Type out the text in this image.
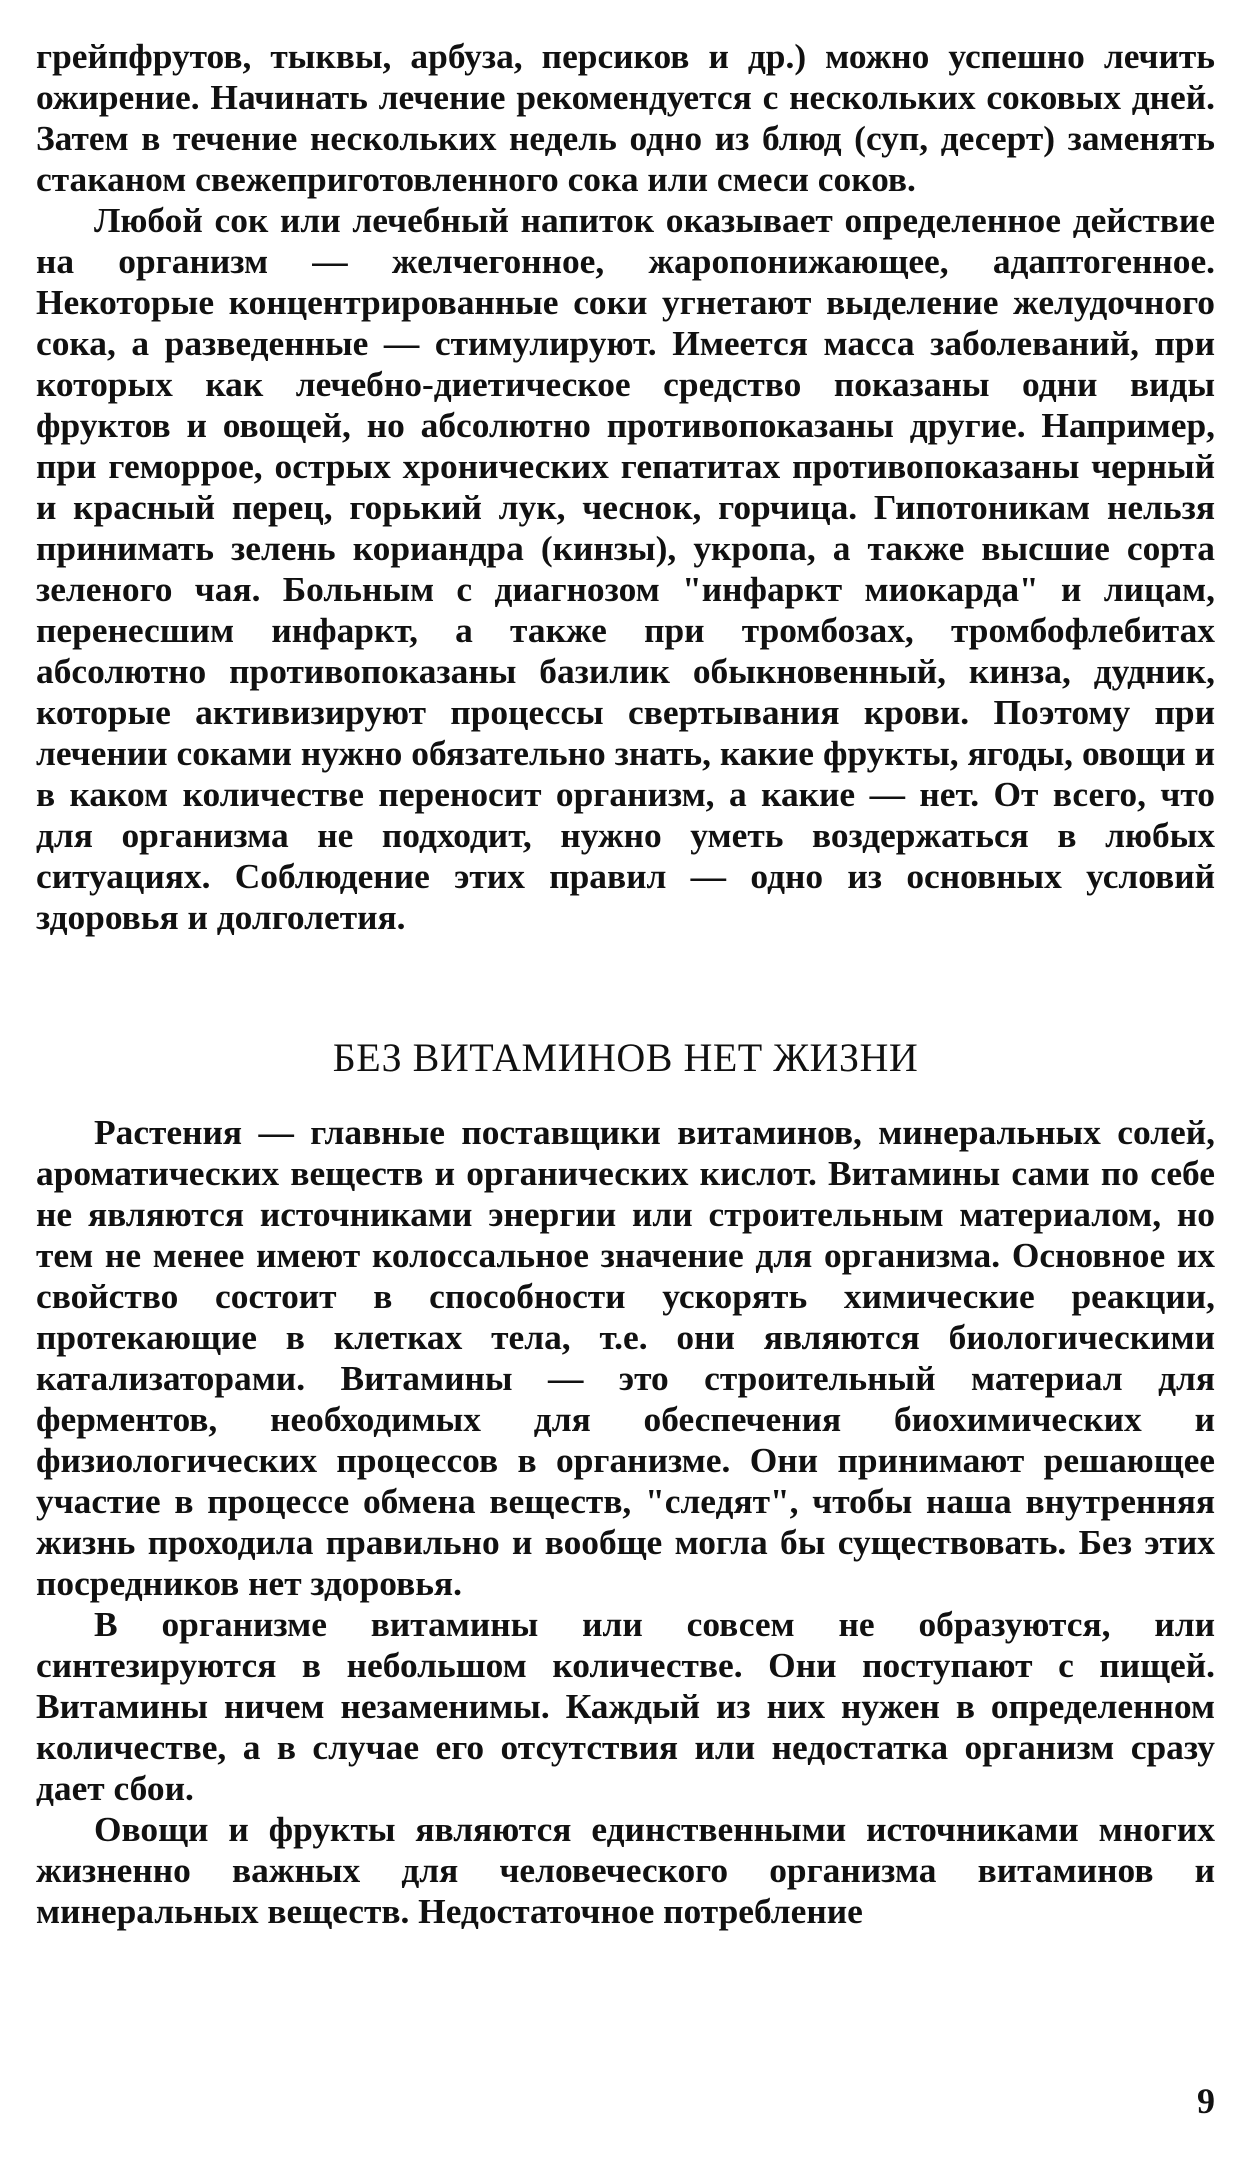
грейпфрутов, тыквы, арбуза, персиков и др.) можно успешно лечить ожирение. Начинать лечение рекомендуется с нескольких соковых дней. Затем в течение нескольких недель одно из блюд (суп, десерт) заменять стаканом свежеприготовленного сока или смеси соков.

Любой сок или лечебный напиток оказывает определенное действие на организм — желчегонное, жаропонижающее, адаптогенное. Некоторые концентрированные соки угнетают выделение желудочного сока, а разведенные — стимулируют. Имеется масса заболеваний, при которых как лечебно-диетическое средство показаны одни виды фруктов и овощей, но абсолютно противопоказаны другие. Например, при геморрое, острых хронических гепатитах противопоказаны черный и красный перец, горький лук, чеснок, горчица. Гипотоникам нельзя принимать зелень кориандра (кинзы), укропа, а также высшие сорта зеленого чая. Больным с диагнозом "инфаркт миокарда" и лицам, перенесшим инфаркт, а также при тромбозах, тромбофлебитах абсолютно противопоказаны базилик обыкновенный, кинза, дудник, которые активизируют процессы свертывания крови. Поэтому при лечении соками нужно обязательно знать, какие фрукты, ягоды, овощи и в каком количестве переносит организм, а какие — нет. От всего, что для организма не подходит, нужно уметь воздержаться в любых ситуациях. Соблюдение этих правил — одно из основных условий здоровья и долголетия.

БЕЗ ВИТАМИНОВ НЕТ ЖИЗНИ

Растения — главные поставщики витаминов, минеральных солей, ароматических веществ и органических кислот. Витамины сами по себе не являются источниками энергии или строительным материалом, но тем не менее имеют колоссальное значение для организма. Основное их свойство состоит в способности ускорять химические реакции, протекающие в клетках тела, т.е. они являются биологическими катализаторами. Витамины — это строительный материал для ферментов, необходимых для обеспечения биохимических и физиологических процессов в организме. Они принимают решающее участие в процессе обмена веществ, "следят", чтобы наша внутренняя жизнь проходила правильно и вообще могла бы существовать. Без этих посредников нет здоровья.

В организме витамины или совсем не образуются, или синтезируются в небольшом количестве. Они поступают с пищей. Витамины ничем незаменимы. Каждый из них нужен в определенном количестве, а в случае его отсутствия или недостатка организм сразу дает сбои.

Овощи и фрукты являются единственными источниками многих жизненно важных для человеческого организма витаминов и минеральных веществ. Недостаточное потребление

9
